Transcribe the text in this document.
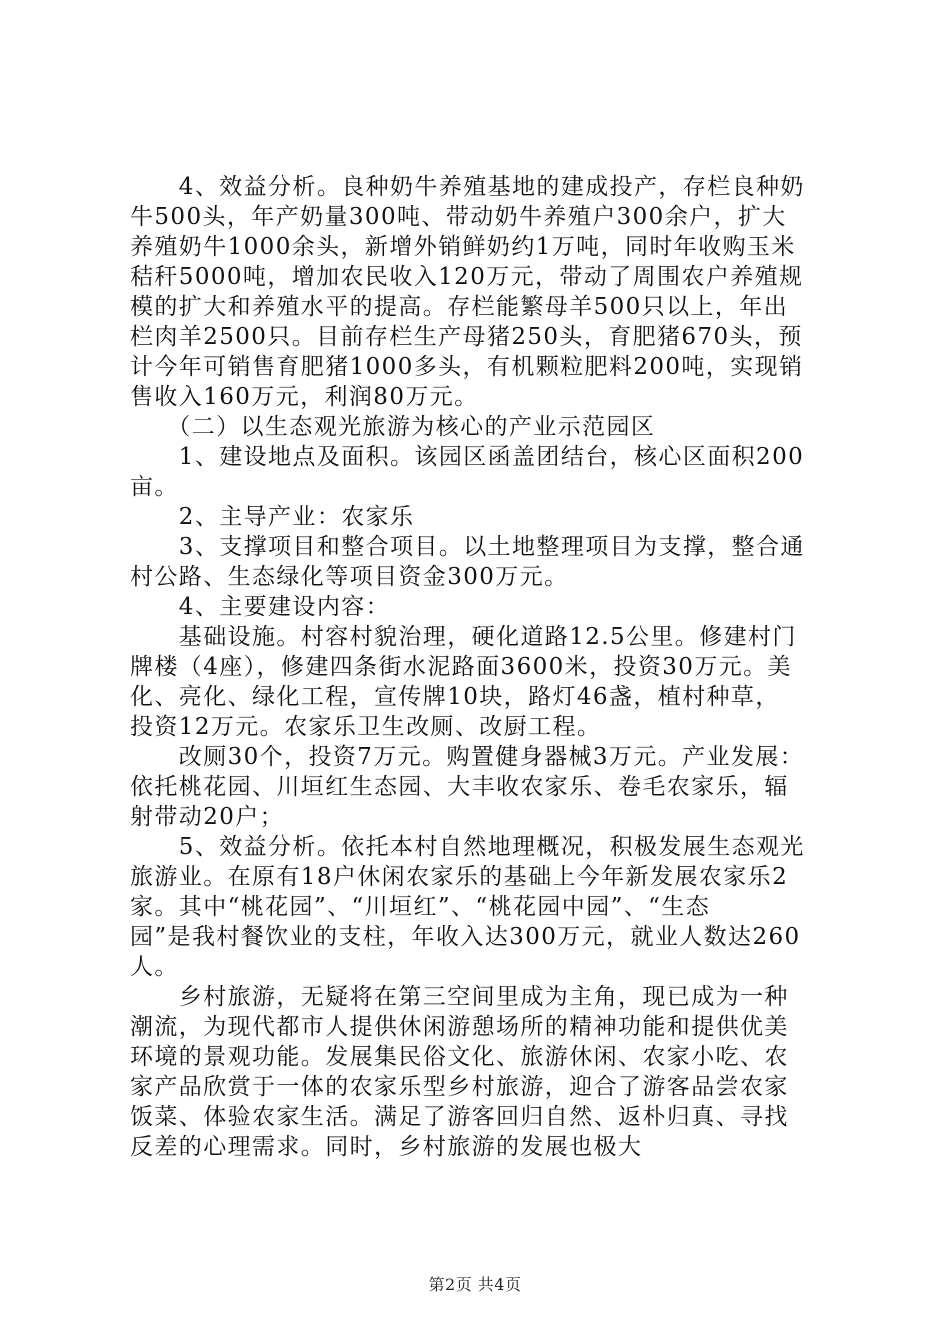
　　4、效益分析。良种奶牛养殖基地的建成投产，存栏良种奶
牛500头，年产奶量300吨、带动奶牛养殖户300余户，扩大
养殖奶牛1000余头，新增外销鲜奶约1万吨，同时年收购玉米
秸秆5000吨，增加农民收入120万元，带动了周围农户养殖规
模的扩大和养殖水平的提高。存栏能繁母羊500只以上，年出
栏肉羊2500只。目前存栏生产母猪250头，育肥猪670头，预
计今年可销售育肥猪1000多头，有机颗粒肥料200吨，实现销
售收入160万元，利润80万元。
　　（二）以生态观光旅游为核心的产业示范园区
　　1、建设地点及面积。该园区函盖团结台，核心区面积200
亩。
　　2、主导产业：农家乐
　　3、支撑项目和整合项目。以土地整理项目为支撑，整合通
村公路、生态绿化等项目资金300万元。
　　4、主要建设内容：
　　基础设施。村容村貌治理，硬化道路12.5公里。修建村门
牌楼（4座），修建四条街水泥路面3600米，投资30万元。美
化、亮化、绿化工程，宣传牌10块，路灯46盏，植村种草，
投资12万元。农家乐卫生改厕、改厨工程。
　　改厕30个，投资7万元。购置健身器械3万元。产业发展：
依托桃花园、川垣红生态园、大丰收农家乐、卷毛农家乐，辐
射带动20户；
　　5、效益分析。依托本村自然地理概况，积极发展生态观光
旅游业。在原有18户休闲农家乐的基础上今年新发展农家乐2
家。其中“桃花园”、“川垣红”、“桃花园中园”、“生态
园”是我村餐饮业的支柱，年收入达300万元，就业人数达260
人。
　　乡村旅游，无疑将在第三空间里成为主角，现已成为一种
潮流，为现代都市人提供休闲游憩场所的精神功能和提供优美
环境的景观功能。发展集民俗文化、旅游休闲、农家小吃、农
家产品欣赏于一体的农家乐型乡村旅游，迎合了游客品尝农家
饭菜、体验农家生活。满足了游客回归自然、返朴归真、寻找
反差的心理需求。同时，乡村旅游的发展也极大
第2页 共4页
